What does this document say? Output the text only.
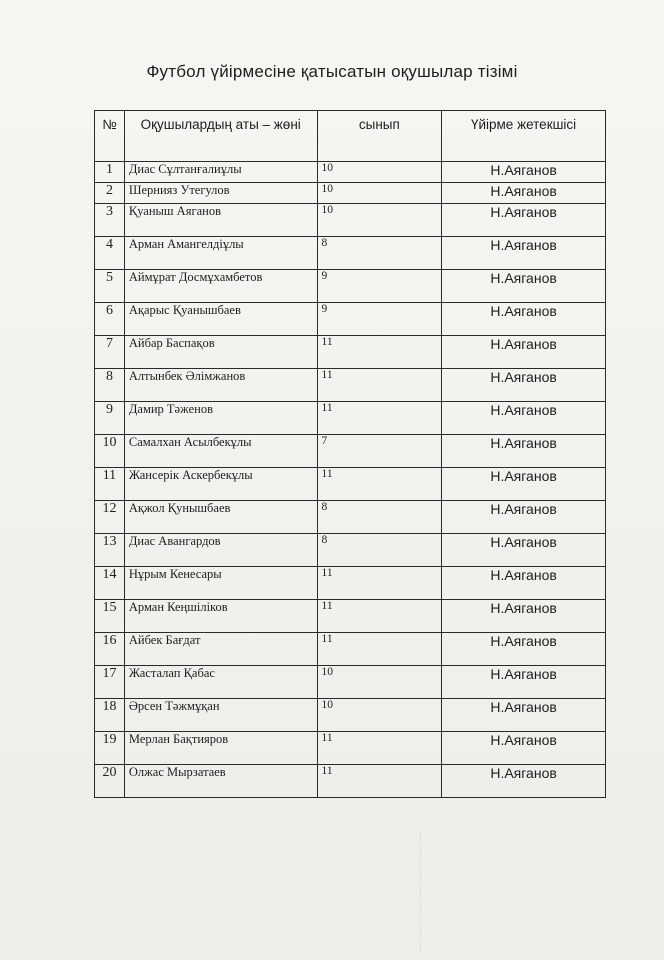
Футбол үйірмесіне қатысатын оқушылар тізімі
№	Оқушылардың аты – жөні	сынып	Үйірме жетекшісі
1	Диас Сұлтанғалиұлы	10	Н.Аяганов
2	Шернияз Утегулов	10	Н.Аяганов
3	Қуаныш Аяганов	10	Н.Аяганов
4	Арман Амангелдіұлы	8	Н.Аяганов
5	Аймұрат Досмұхамбетов	9	Н.Аяганов
6	Ақарыс Қуанышбаев	9	Н.Аяганов
7	Айбар Баспақов	11	Н.Аяганов
8	Алтынбек Әлімжанов	11	Н.Аяганов
9	Дамир Тәженов	11	Н.Аяганов
10	Самалхан Асылбекұлы	7	Н.Аяганов
11	Жансерік Аскербекұлы	11	Н.Аяганов
12	Ақжол Қунышбаев	8	Н.Аяганов
13	Диас Авангардов	8	Н.Аяганов
14	Нұрым Кенесары	11	Н.Аяганов
15	Арман Кеңшіліков	11	Н.Аяганов
16	Айбек Бағдат	11	Н.Аяганов
17	Жасталап Қабас	10	Н.Аяганов
18	Әрсен Тәжмұқан	10	Н.Аяганов
19	Мерлан Бақтияров	11	Н.Аяганов
20	Олжас Мырзатаев	11	Н.Аяганов
